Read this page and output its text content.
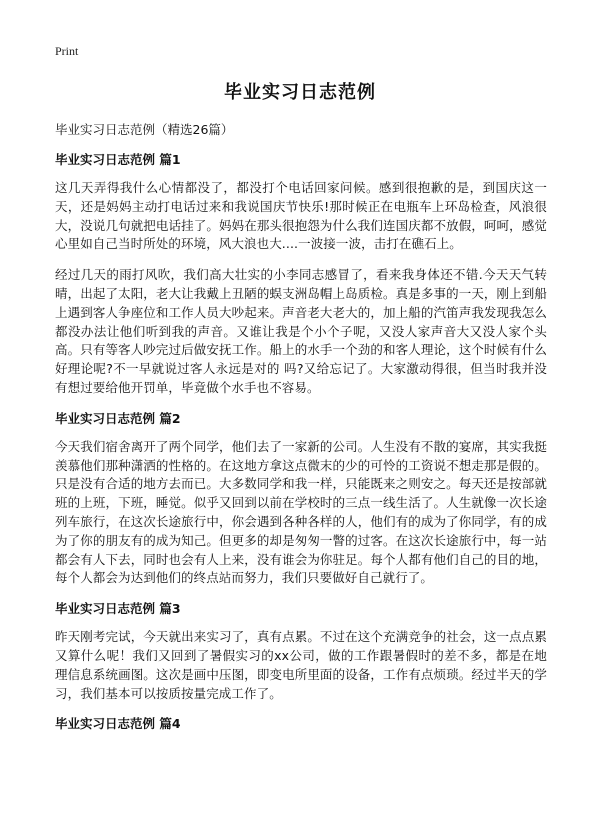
Print
毕业实习日志范例
毕业实习日志范例（精选26篇）
毕业实习日志范例 篇1

这几天弄得我什么心情都没了，都没打个电话回家问候。感到很抱歉的是，到国庆这一天，还是妈妈主动打电话过来和我说国庆节快乐!那时候正在电瓶车上环岛检查，风浪很大，没说几句就把电话挂了。妈妈在那头很抱怨为什么我们连国庆都不放假，呵呵，感觉心里如自己当时所处的环境，风大浪也大....一波接一波，击打在礁石上。

经过几天的雨打风吹，我们高大壮实的小李同志感冒了，看来我身体还不错.今天天气转晴，出起了太阳，老大让我戴上丑陋的蜈支洲岛帽上岛质检。真是多事的一天，刚上到船上遇到客人争座位和工作人员大吵起来。声音老大老大的，加上船的汽笛声我发现我怎么都没办法让他们听到我的声音。又谁让我是个小个子呢，又没人家声音大又没人家个头高。只有等客人吵完过后做安抚工作。船上的水手一个劲的和客人理论，这个时候有什么好理论呢?不一早就说过客人永远是对的 吗?又给忘记了。大家激动得很，但当时我并没有想过要给他开罚单，毕竟做个水手也不容易。

毕业实习日志范例 篇2

今天我们宿舍离开了两个同学，他们去了一家新的公司。人生没有不散的宴席，其实我挺羡慕他们那种潇洒的性格的。在这地方拿这点微末的少的可怜的工资说不想走那是假的。只是没有合适的地方去而已。大多数同学和我一样，只能既来之则安之。每天还是按部就班的上班，下班，睡觉。似乎又回到以前在学校时的三点一线生活了。人生就像一次长途列车旅行，在这次长途旅行中，你会遇到各种各样的人，他们有的成为了你同学，有的成为了你的朋友有的成为知己。但更多的却是匆匆一瞥的过客。在这次长途旅行中，每一站都会有人下去，同时也会有人上来，没有谁会为你驻足。每个人都有他们自己的目的地，每个人都会为达到他们的终点站而努力，我们只要做好自己就行了。

毕业实习日志范例 篇3

昨天刚考完试，今天就出来实习了，真有点累。不过在这个充满竞争的社会，这一点点累又算什么呢！我们又回到了暑假实习的xx公司，做的工作跟暑假时的差不多，都是在地理信息系统画图。这次是画中压图，即变电所里面的设备，工作有点烦琐。经过半天的学习，我们基本可以按质按量完成工作了。

毕业实习日志范例 篇4
